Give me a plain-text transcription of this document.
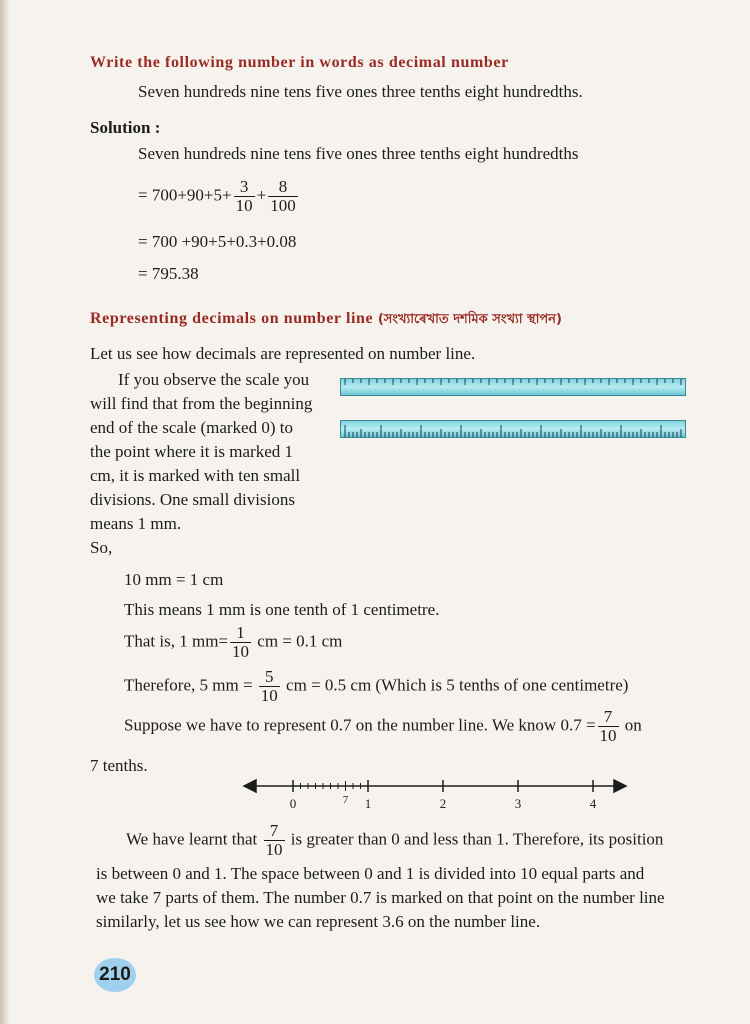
Write the following number in words as decimal number
Seven hundreds nine tens five ones three tenths eight hundredths.
Solution :
Seven hundreds nine tens five ones three tenths eight hundredths
= $700+90+5+ \frac{3}{10} + \frac{8}{100}$
= 700 +90+5+0.3+0.08
= 795.38
Representing decimals on number line (সংখ্যাৰেখাত দশমিক সংখ্যা স্থাপন)
Let us see how decimals are represented on number line.
If you observe the scale you
will find that from the beginning
end of the scale (marked 0) to
the point where it is marked 1
cm, it is marked with ten small
divisions. One small divisions
means 1 mm.
So,
10 mm = 1 cm
This means 1 mm is one tenth of 1 centimetre.
That is, 1 $mm= \frac{1}{10}$ cm = 0.1 cm
Therefore, 5 mm = $\frac{5}{10}$ cm = 0.5 cm (Which is 5 tenths of one centimetre)
Suppose we have to represent 0.7 on the number line. We know $0.7 = \frac{7}{10}$ on
7 tenths.
0	7 1	2	3	4
We have learnt that $\frac{7}{10}$ is greater than 0 and less than 1. Therefore, its position
is between 0 and 1. The space between 0 and 1 is divided into 10 equal parts and
we take 7 parts of them. The number 0.7 is marked on that point on the number line
similarly, let us see how we can represent 3.6 on the number line.
210
